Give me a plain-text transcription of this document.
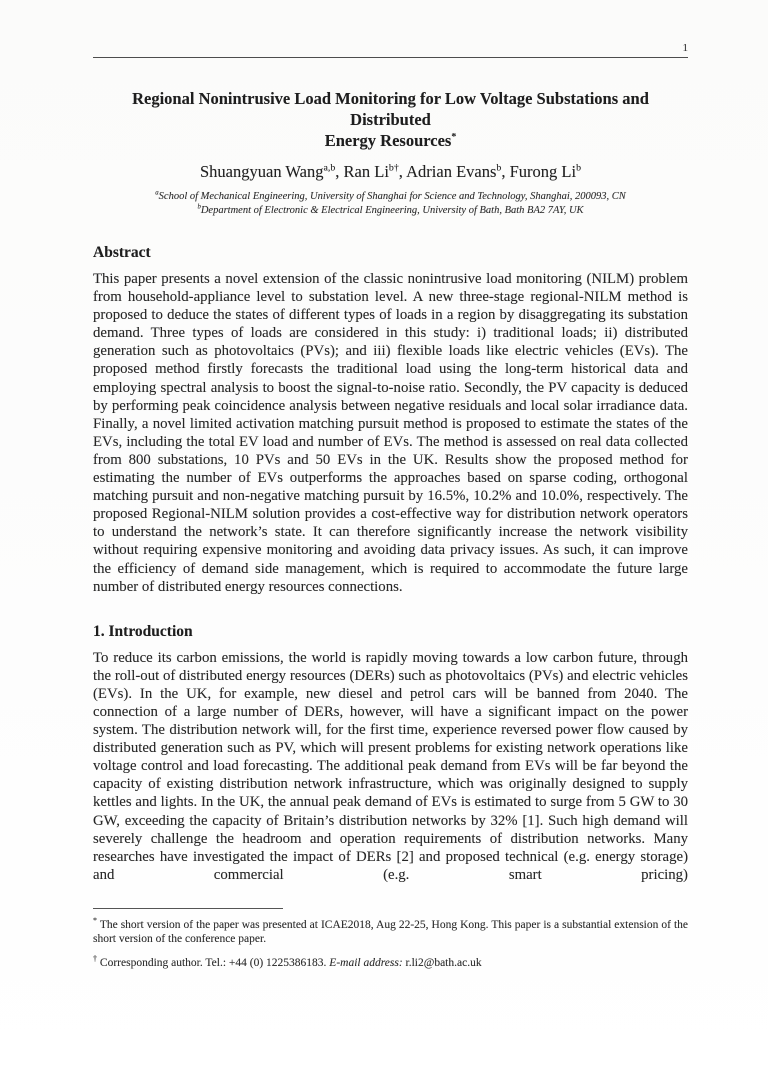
1
Regional Nonintrusive Load Monitoring for Low Voltage Substations and Distributed
Energy Resources*
Shuangyuan Wang$^{a,b}$, Ran $Li^{b\dagger}$, Adrian Evans$^b$, Furong Li$^b$
$^a$School of Mechanical Engineering, University of Shanghai for Science and Technology, Shanghai, 200093, CN
$^b$Department of Electronic & Electrical Engineering, University of Bath, Bath BA2 7AY, UK
Abstract

This paper presents a novel extension of the classic nonintrusive load monitoring (NILM) problem from household-appliance level to substation level. A new three-stage regional-NILM method is proposed to deduce the states of different types of loads in a region by disaggregating its substation demand. Three types of loads are considered in this study: i) traditional loads; ii) distributed generation such as photovoltaics (PVs); and iii) flexible loads like electric vehicles (EVs). The proposed method firstly forecasts the traditional load using the long-term historical data and employing spectral analysis to boost the signal-to-noise ratio. Secondly, the PV capacity is deduced by performing peak coincidence analysis between negative residuals and local solar irradiance data. Finally, a novel limited activation matching pursuit method is proposed to estimate the states of the EVs, including the total EV load and number of EVs. The method is assessed on real data collected from 800 substations, 10 PVs and 50 EVs in the UK. Results show the proposed method for estimating the number of EVs outperforms the approaches based on sparse coding, orthogonal matching pursuit and non-negative matching pursuit by 16.5%, 10.2% and 10.0%, respectively. The proposed Regional-NILM solution provides a cost-effective way for distribution network operators to understand the network’s state. It can therefore significantly increase the network visibility without requiring expensive monitoring and avoiding data privacy issues. As such, it can improve the efficiency of demand side management, which is required to accommodate the future large number of distributed energy resources connections.

1. Introduction

To reduce its carbon emissions, the world is rapidly moving towards a low carbon future, through the roll-out of distributed energy resources (DERs) such as photovoltaics (PVs) and electric vehicles (EVs). In the UK, for example, new diesel and petrol cars will be banned from 2040. The connection of a large number of DERs, however, will have a significant impact on the power system. The distribution network will, for the first time, experience reversed power flow caused by distributed generation such as PV, which will present problems for existing network operations like voltage control and load forecasting. The additional peak demand from EVs will be far beyond the capacity of existing distribution network infrastructure, which was originally designed to supply kettles and lights. In the UK, the annual peak demand of EVs is estimated to surge from 5 GW to 30 GW, exceeding the capacity of Britain’s distribution networks by 32% [1]. Such high demand will severely challenge the headroom and operation requirements of distribution networks. Many researches have investigated the impact of DERs [2] and proposed technical (e.g. energy storage) and commercial (e.g. smart pricing)

* The short version of the paper was presented at ICAE2018, Aug 22-25, Hong Kong. This paper is a substantial extension of the short version of the conference paper.

† Corresponding author. Tel.: +44 (0) 1225386183. E-mail address: r.li2@bath.ac.uk
